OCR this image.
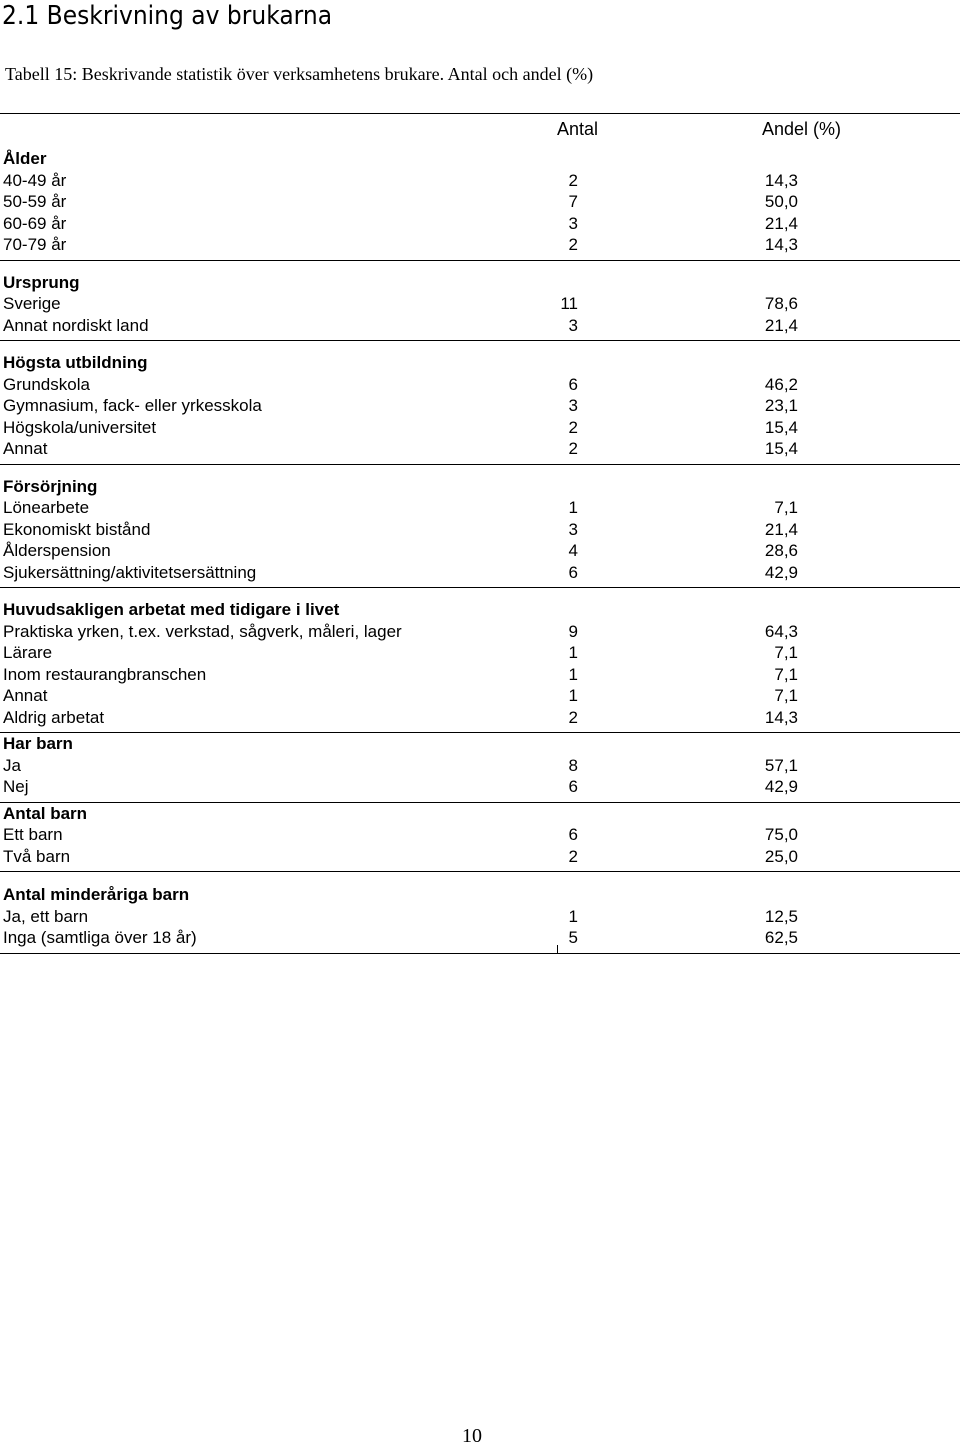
2.1 Beskrivning av brukarna

Tabell 15: Beskrivande statistik över verksamhetens brukare. Antal och andel (%)

Antal	Andel (%)
Ålder
40-49 år	2	14,3
50-59 år	7	50,0
60-69 år	3	21,4
70-79 år	2	14,3
Ursprung
Sverige	11	78,6
Annat nordiskt land	3	21,4
Högsta utbildning
Grundskola	6	46,2
Gymnasium, fack- eller yrkesskola	3	23,1
Högskola/universitet	2	15,4
Annat	2	15,4
Försörjning
Lönearbete	1	7,1
Ekonomiskt bistånd	3	21,4
Ålderspension	4	28,6
Sjukersättning/aktivitetsersättning	6	42,9
Huvudsakligen arbetat med tidigare i livet
Praktiska yrken, t.ex. verkstad, sågverk, måleri, lager	9	64,3
Lärare	1	7,1
Inom restaurangbranschen	1	7,1
Annat	1	7,1
Aldrig arbetat	2	14,3
Har barn
Ja	8	57,1
Nej	6	42,9
Antal barn
Ett barn	6	75,0
Två barn	2	25,0
Antal minderåriga barn
Ja, ett barn	1	12,5
Inga (samtliga över 18 år)	5	62,5

10
